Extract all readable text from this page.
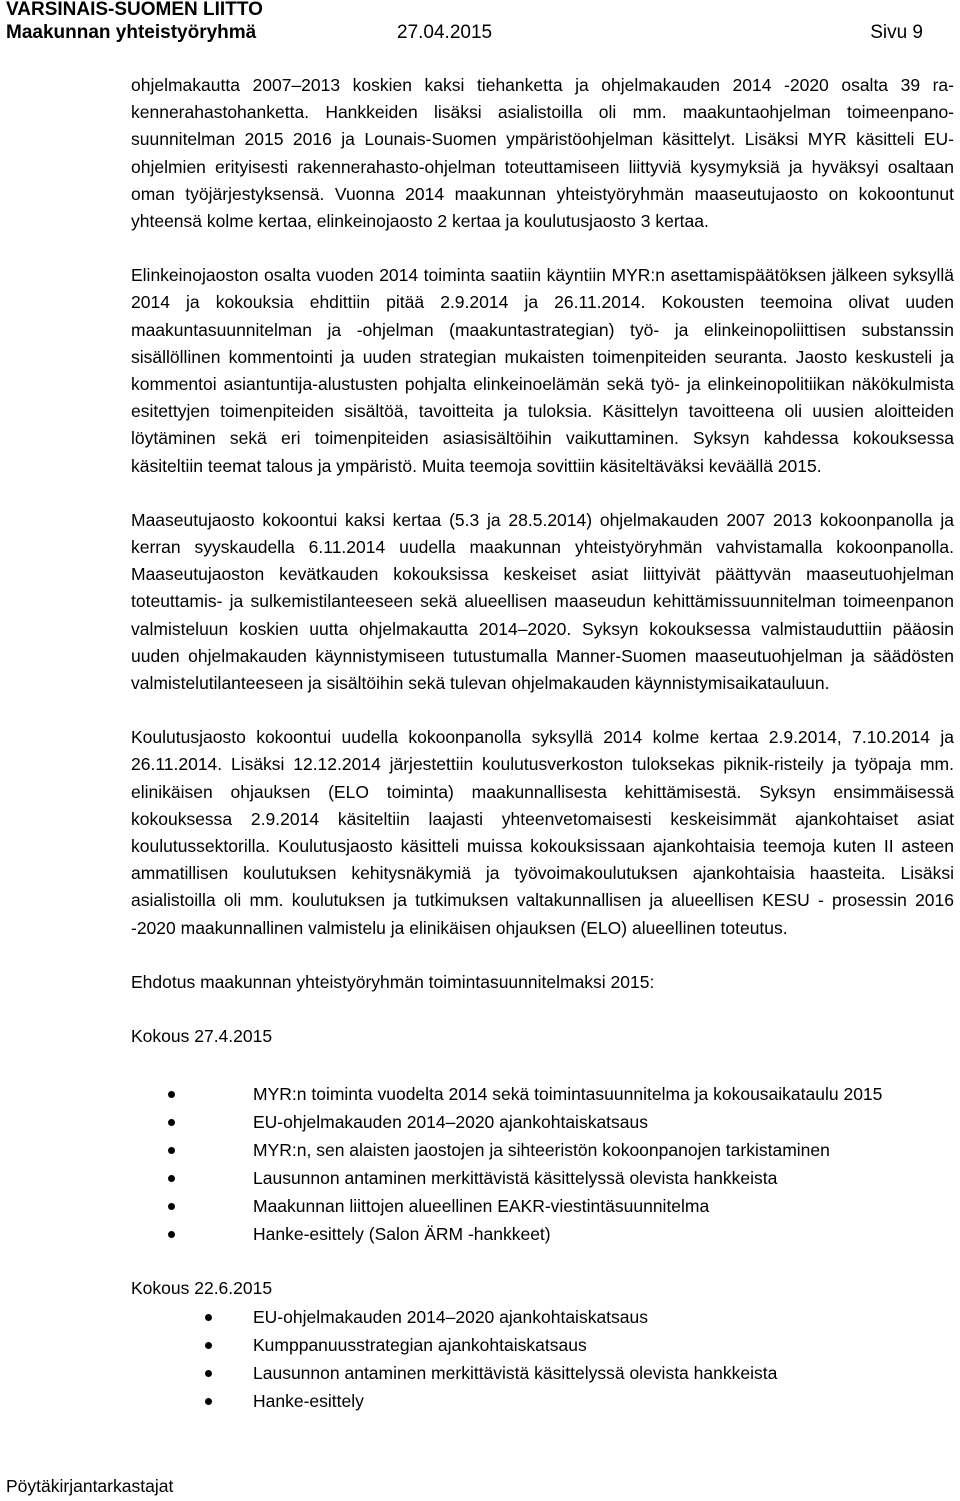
VARSINAIS-SUOMEN LIITTO
Maakunnan yhteistyöryhmä	27.04.2015	Sivu 9

ohjelmakautta 2007–2013 koskien kaksi tiehanketta ja ohjelmakauden 2014 -2020 osalta 39 rakennerahastohanketta. Hankkeiden lisäksi asialistoilla oli mm. maakuntaohjelman toimeenpanosuunnitelman 2015 2016 ja Lounais-Suomen ympäristöohjelman käsittelyt. Lisäksi MYR käsitteli EU-ohjelmien erityisesti rakennerahasto-ohjelman toteuttamiseen liittyviä kysymyksiä ja hyväksyi osaltaan oman työjärjestyksensä. Vuonna 2014 maakunnan yhteistyöryhmän maaseutujaosto on kokoontunut yhteensä kolme kertaa, elinkeinojaosto 2 kertaa ja koulutusjaosto 3 kertaa.

Elinkeinojaoston osalta vuoden 2014 toiminta saatiin käyntiin MYR:n asettamispäätöksen jälkeen syksyllä 2014 ja kokouksia ehdittiin pitää 2.9.2014 ja 26.11.2014. Kokousten teemoina olivat uuden maakuntasuunnitelman ja -ohjelman (maakuntastrategian) työ- ja elinkeinopoliittisen substanssin sisällöllinen kommentointi ja uuden strategian mukaisten toimenpiteiden seuranta. Jaosto keskusteli ja kommentoi asiantuntija-alustusten pohjalta elinkeinoelämän sekä työ- ja elinkeinopolitiikan näkökulmista esitettyjen toimenpiteiden sisältöä, tavoitteita ja tuloksia. Käsittelyn tavoitteena oli uusien aloitteiden löytäminen sekä eri toimenpiteiden asiasisältöihin vaikuttaminen. Syksyn kahdessa kokouksessa käsiteltiin teemat talous ja ympäristö. Muita teemoja sovittiin käsiteltäväksi keväällä 2015.

Maaseutujaosto kokoontui kaksi kertaa (5.3 ja 28.5.2014) ohjelmakauden 2007 2013 kokoonpanolla ja kerran syyskaudella 6.11.2014 uudella maakunnan yhteistyöryhmän vahvistamalla kokoonpanolla. Maaseutujaoston kevätkauden kokouksissa keskeiset asiat liittyivät päättyvän maaseutuohjelman toteuttamis- ja sulkemistilanteeseen sekä alueellisen maaseudun kehittämissuunnitelman toimeenpanon valmisteluun koskien uutta ohjelmakautta 2014–2020. Syksyn kokouksessa valmistauduttiin pääosin uuden ohjelmakauden käynnistymiseen tutustumalla Manner-Suomen maaseutuohjelman ja säädösten valmistelutilanteeseen ja sisältöihin sekä tulevan ohjelmakauden käynnistymisaikatauluun.

Koulutusjaosto kokoontui uudella kokoonpanolla syksyllä 2014 kolme kertaa 2.9.2014, 7.10.2014 ja 26.11.2014. Lisäksi 12.12.2014 järjestettiin koulutusverkoston tuloksekas piknik-risteily ja työpaja mm. elinikäisen ohjauksen (ELO toiminta) maakunnallisesta kehittämisestä. Syksyn ensimmäisessä kokouksessa 2.9.2014 käsiteltiin laajasti yhteenvetomaisesti keskeisimmät ajankohtaiset asiat koulutussektorilla. Koulutusjaosto käsitteli muissa kokouksissaan ajankohtaisia teemoja kuten II asteen ammatillisen koulutuksen kehitysnäkymiä ja työvoimakoulutuksen ajankohtaisia haasteita. Lisäksi asialistoilla oli mm. koulutuksen ja tutkimuksen valtakunnallisen ja alueellisen KESU - prosessin 2016 -2020 maakunnallinen valmistelu ja elinikäisen ohjauksen (ELO) alueellinen toteutus.

Ehdotus maakunnan yhteistyöryhmän toimintasuunnitelmaksi 2015:

Kokous 27.4.2015

MYR:n toiminta vuodelta 2014 sekä toimintasuunnitelma ja kokousaikataulu 2015
EU-ohjelmakauden 2014–2020 ajankohtaiskatsaus
MYR:n, sen alaisten jaostojen ja sihteeristön kokoonpanojen tarkistaminen
Lausunnon antaminen merkittävistä käsittelyssä olevista hankkeista
Maakunnan liittojen alueellinen EAKR-viestintäsuunnitelma
Hanke-esittely (Salon ÄRM -hankkeet)

Kokous 22.6.2015

EU-ohjelmakauden 2014–2020 ajankohtaiskatsaus
Kumppanuusstrategian ajankohtaiskatsaus
Lausunnon antaminen merkittävistä käsittelyssä olevista hankkeista
Hanke-esittely
Pöytäkirjantarkastajat
